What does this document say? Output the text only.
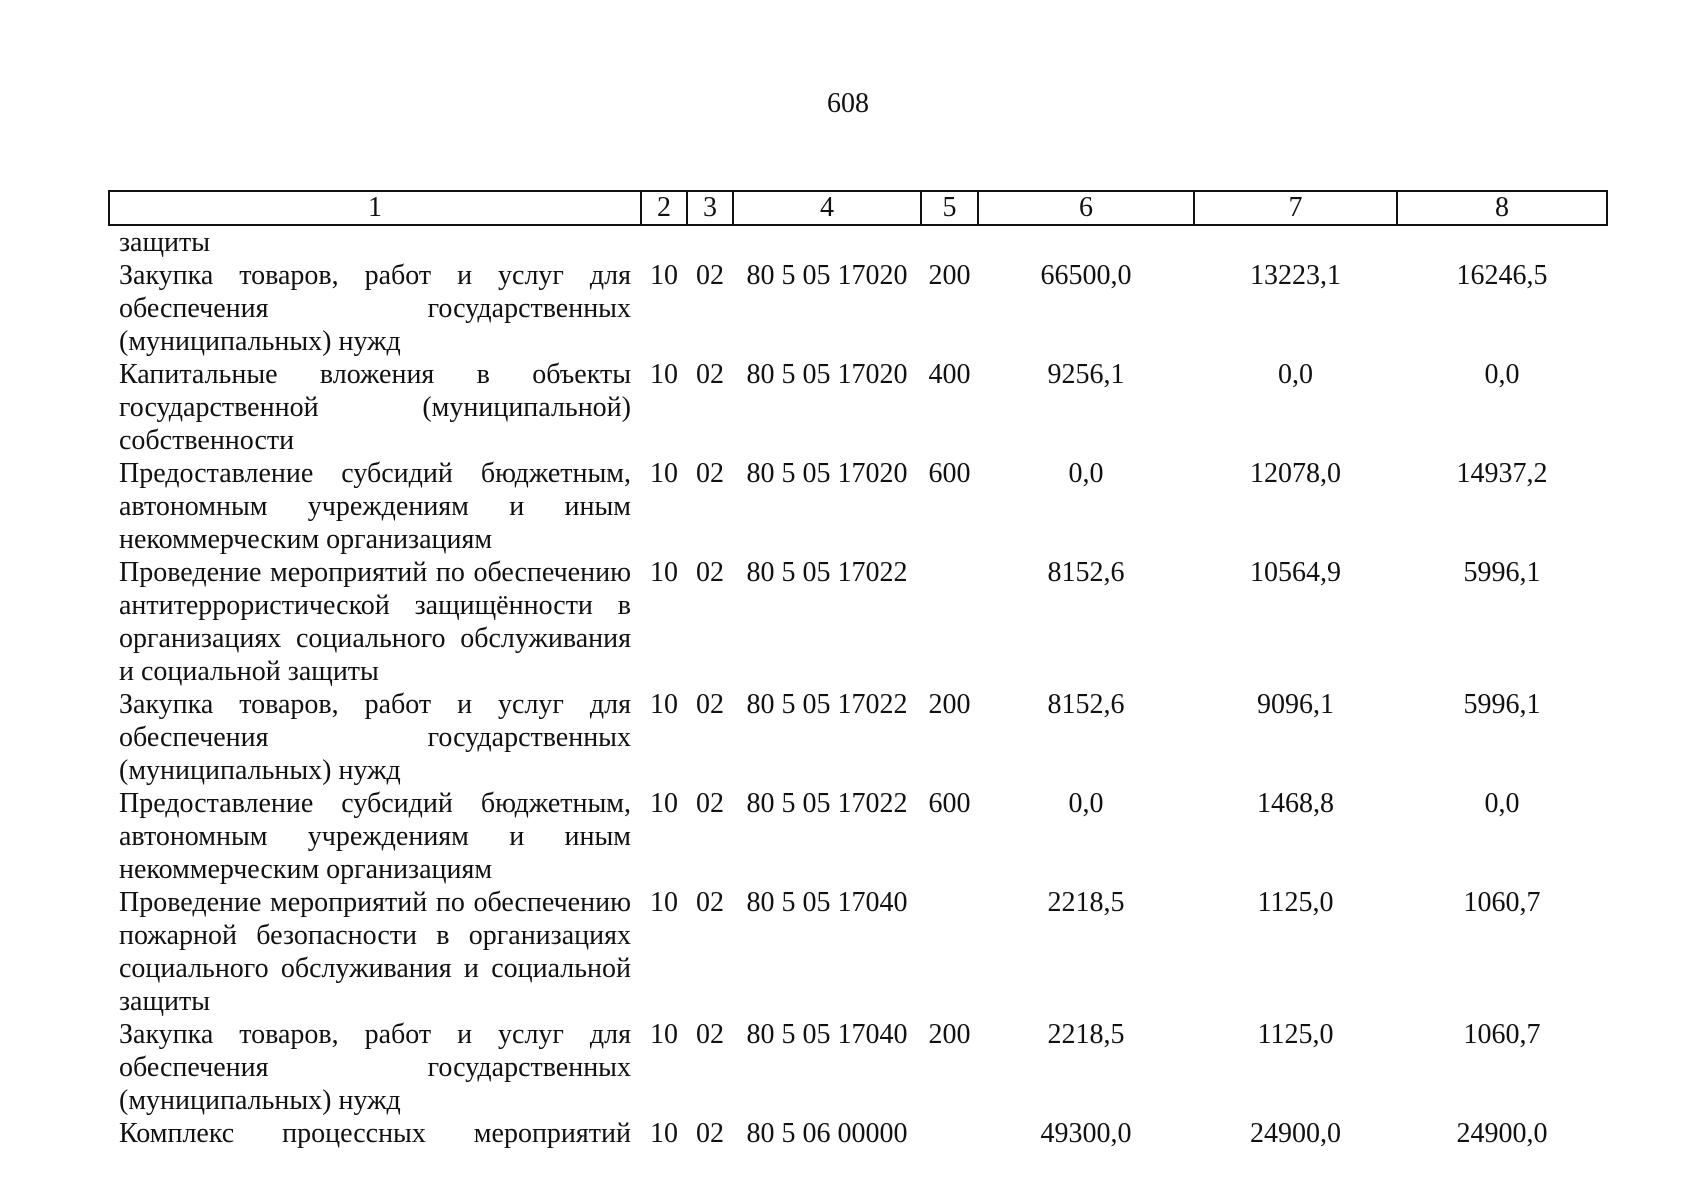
608
1	2	3	4	5	6	7	8
защиты							
Закупка товаров, работ и услуг для обеспечения государственных (муниципальных) нужд	10	02	80 5 05 17020	200	66500,0	13223,1	16246,5
Капитальные вложения в объекты государственной (муниципальной) собственности	10	02	80 5 05 17020	400	9256,1	0,0	0,0
Предоставление субсидий бюджетным, автономным учреждениям и иным некоммерческим организациям	10	02	80 5 05 17020	600	0,0	12078,0	14937,2
Проведение мероприятий по обеспечению антитеррористической защищённости в организациях социального обслуживания и социальной защиты	10	02	80 5 05 17022		8152,6	10564,9	5996,1
Закупка товаров, работ и услуг для обеспечения государственных (муниципальных) нужд	10	02	80 5 05 17022	200	8152,6	9096,1	5996,1
Предоставление субсидий бюджетным, автономным учреждениям и иным некоммерческим организациям	10	02	80 5 05 17022	600	0,0	1468,8	0,0
Проведение мероприятий по обеспечению пожарной безопасности в организациях социального обслуживания и социальной защиты	10	02	80 5 05 17040		2218,5	1125,0	1060,7
Закупка товаров, работ и услуг для обеспечения государственных (муниципальных) нужд	10	02	80 5 05 17040	200	2218,5	1125,0	1060,7
Комплекс процессных мероприятий	10	02	80 5 06 00000		49300,0	24900,0	24900,0
